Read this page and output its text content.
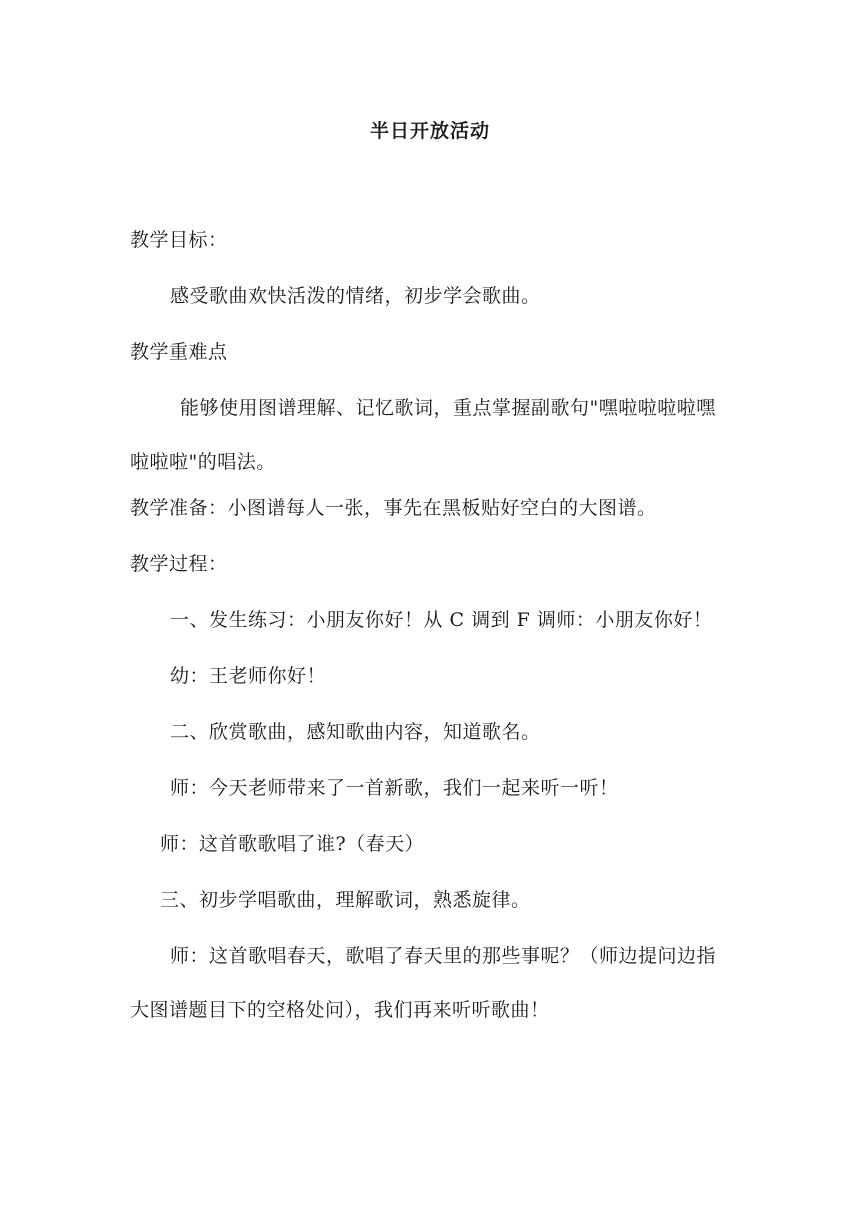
半日开放活动
教学目标：
感受歌曲欢快活泼的情绪，初步学会歌曲。
教学重难点
能够使用图谱理解、记忆歌词，重点掌握副歌句"嘿啦啦啦啦嘿
啦啦啦"的唱法。
教学准备：小图谱每人一张，事先在黑板贴好空白的大图谱。
教学过程：
一、发生练习：小朋友你好！从 C 调到 F 调师：小朋友你好！
幼：王老师你好！
二、欣赏歌曲，感知歌曲内容，知道歌名。
师：今天老师带来了一首新歌，我们一起来听一听！
师：这首歌歌唱了谁?（春天）
三、初步学唱歌曲，理解歌词，熟悉旋律。
师：这首歌唱春天，歌唱了春天里的那些事呢？（师边提问边指
大图谱题目下的空格处问），我们再来听听歌曲！
